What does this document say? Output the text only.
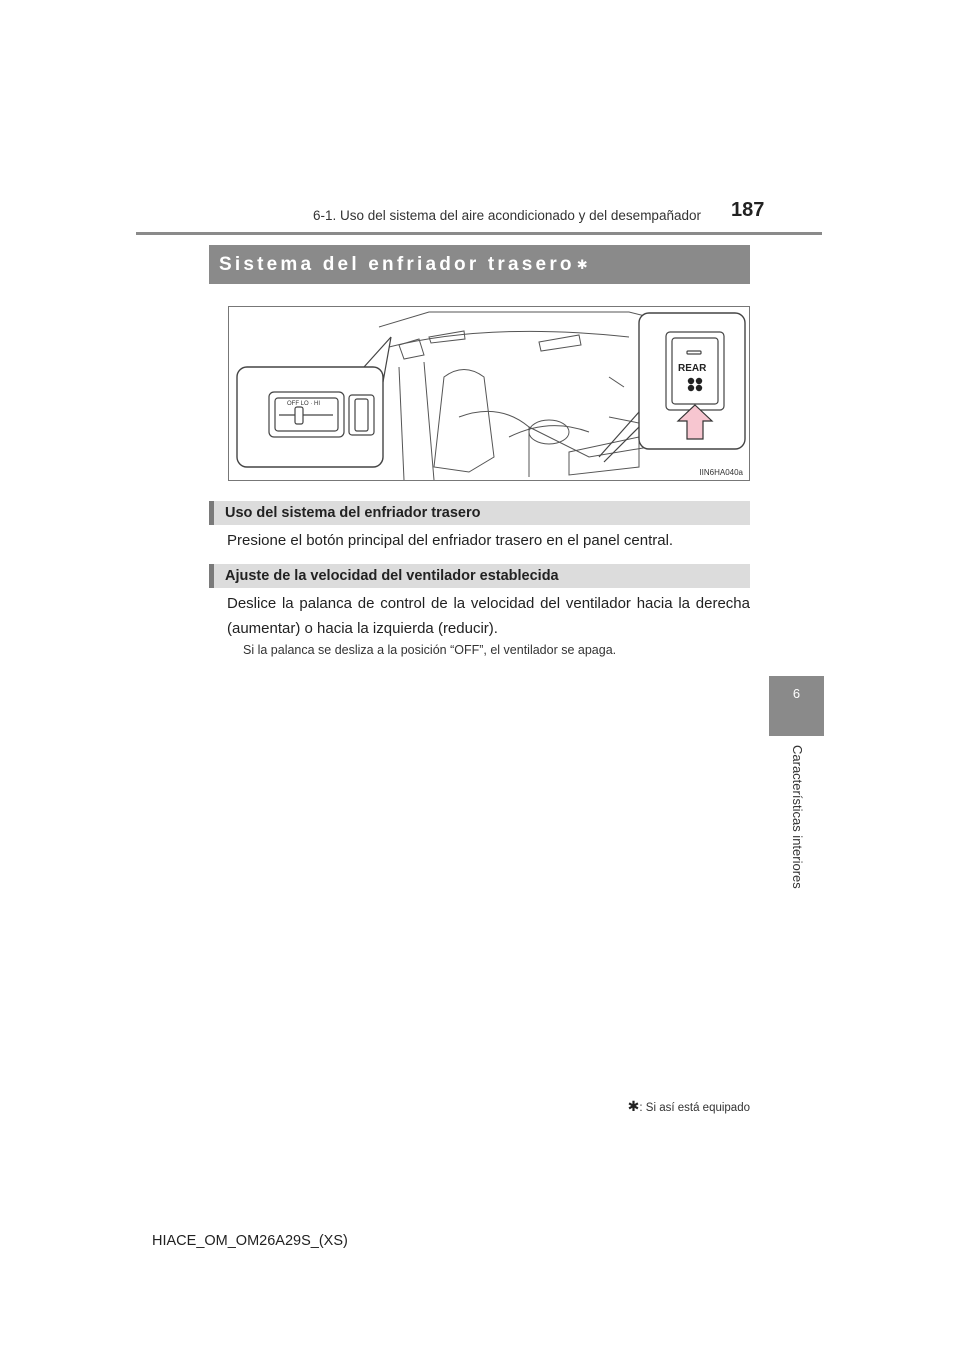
6-1. Uso del sistema del aire acondicionado y del desempañador 187
6
Características interiores
Sistema del enfriador trasero ✱
OFF LO · HI
REAR
IIN6HA040a
Uso del sistema del enfriador trasero
Presione el botón principal del enfriador trasero en el panel central.
Ajuste de la velocidad del ventilador establecida
Deslice la palanca de control de la velocidad del ventilador hacia la derecha (aumentar) o hacia la izquierda (reducir).
Si la palanca se desliza a la posición “OFF”, el ventilador se apaga.
✱: Si así está equipado
HIACE_OM_OM26A29S_(XS)
